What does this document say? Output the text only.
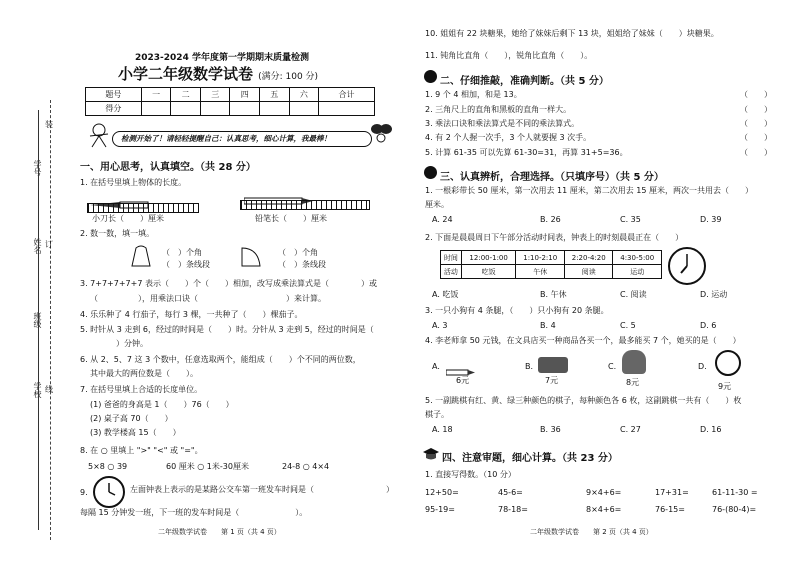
装
订
线
学号
姓名
班级
学校
2023-2024 学年度第一学期期末质量检测
小学二年级数学试卷 (满分: 100 分)
题号	一	二	三	四	五	六	合计
得分							
检测开始了！请轻轻提醒自己：认真思考，细心计算，我最棒！
一、用心思考，认真填空。（共 28 分）
1. 在括号里填上物体的长度。
小刀长（　　）厘米	铅笔长（　　）厘米
2. 数一数，填一填。
（　）个角
（　）条线段
（　）个角
（　）条线段
3. 7+7+7+7+7 表示（　　）个（　　）相加，改写成乘法算式是（　　　　）或
（　　　　　），用乘法口诀（　　　　　　　　　　　）来计算。
4. 乐乐种了 4 行茄子，每行 3 棵，一共种了（　　）棵茄子。
5. 时针从 3 走到 6，经过的时间是（　　）时。分针从 3 走到 5，经过的时间是（
）分钟。
6. 从 2、5、7 这 3 个数中，任意选取两个，能组成（　　）个不同的两位数，
其中最大的两位数是（　　）。
7. 在括号里填上合适的长度单位。
(1) 爸爸的身高是 1（　　）76（　　）
(2) 桌子高 70（　　）
(3) 教学楼高 15（　　）
8. 在 ○ 里填上 ">" "<" 或 "="。
5×8 ○ 39	60 厘米 ○ 1米-30厘米	24-8 ○ 4×4
9.	左面钟表上表示的是某路公交车第一班发车时间是（　　　　　　　　　）
每隔 15 分钟发一班，下一班的发车时间是（　　　　　　　）。
二年级数学试卷　　第 1 页（共 4 页）
10. 姐姐有 22 块糖果，她给了妹妹后剩下 13 块，姐姐给了妹妹（　　）块糖果。
11. 钝角比直角（　　），锐角比直角（　　）。
二、仔细推敲，准确判断。（共 5 分）
1. 9 个 4 相加，和是 13。
2. 三角尺上的直角和黑板的直角一样大。
3. 乘法口诀和乘法算式是不同的乘法算式。
4. 有 2 个人握一次手，3 个人就要握 3 次手。
5. 计算 61-35 可以先算 61-30=31，再算 31+5=36。
（　　）
（　　）
（　　）
（　　）
（　　）
三、认真辨析，合理选择。（只填序号）（共 5 分）
1. 一根彩带长 50 厘米，第一次用去 11 厘米，第二次用去 15 厘米，两次一共用去（　　）
厘米。
A. 24	B. 26	C. 35	D. 39
2. 下面是晨晨周日下午部分活动时间表，钟表上的时刻晨晨正在（　　）
时间	12:00-1:00	1:10-2:10	2:20-4:20	4:30-5:00
活动	吃饭	午休	阅读	运动
A. 吃饭	B. 午休	C. 阅读	D. 运动
3. 一只小狗有 4 条腿，（　　）只小狗有 20 条腿。
A. 3	B. 4	C. 5	D. 6
4. 李老师拿 50 元钱，在文具店买一种商品各买一个，最多能买 7 个，她买的是（　　）
A.
6元
B.
7元
C.
8元
D.
9元
5. 一副跳棋有红、黄、绿三种颜色的棋子，每种颜色各 6 枚，这副跳棋一共有（　　）枚
棋子。
A. 18	B. 36	C. 27	D. 16
四、注意审题，细心计算。（共 23 分）
1. 直接写得数。（10 分）
12+50=	45-6=	9×4+6=	17+31=	61-11-30 =
95-19=	78-18=	8×4+6=	76-15=	76-(80-4)=
二年级数学试卷　　第 2 页（共 4 页）
